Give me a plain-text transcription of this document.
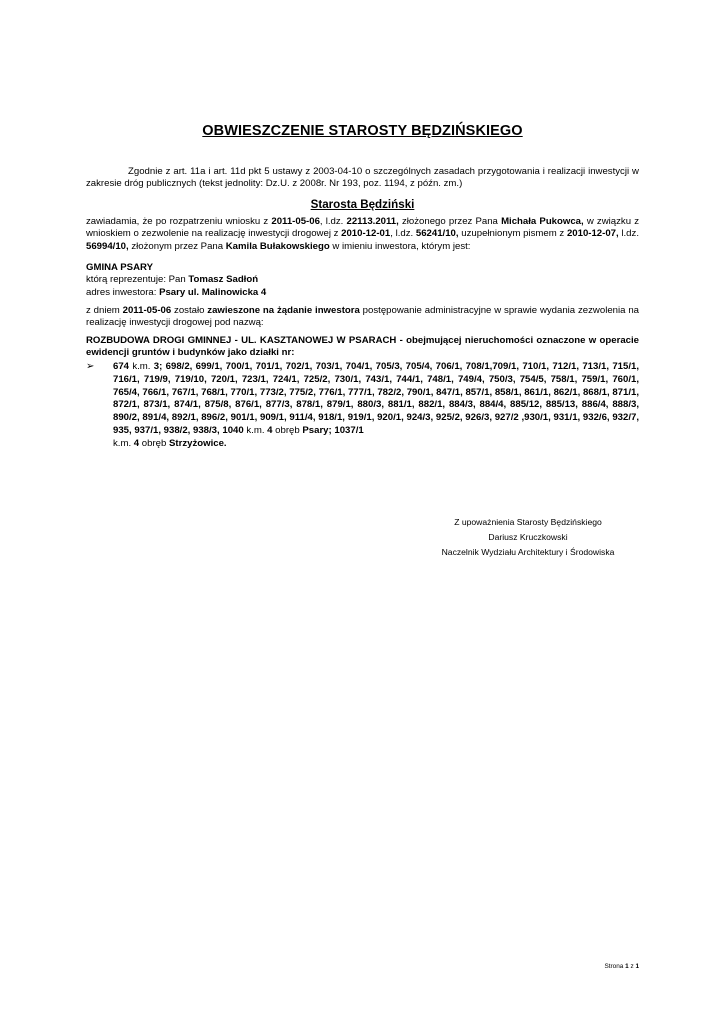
OBWIESZCZENIE STAROSTY BĘDZIŃSKIEGO
Zgodnie z art. 11a i art. 11d pkt 5 ustawy z 2003-04-10 o szczególnych zasadach przygotowania i realizacji inwestycji w zakresie dróg publicznych (tekst jednolity: Dz.U. z 2008r. Nr 193, poz. 1194, z późn. zm.)
Starosta Będziński
zawiadamia, że po rozpatrzeniu wniosku z 2011-05-06, l.dz. 22113.2011, złożonego przez Pana Michała Pukowca, w związku z wnioskiem o zezwolenie na realizację inwestycji drogowej z 2010-12-01, l.dz. 56241/10, uzupełnionym pismem z 2010-12-07, l.dz. 56994/10, złożonym przez Pana Kamila Bułakowskiego w imieniu inwestora, którym jest:

GMINA PSARY

którą reprezentuje: Pan Tomasz Sadłoń

adres inwestora: Psary ul. Malinowicka 4

z dniem 2011-05-06 zostało zawieszone na żądanie inwestora postępowanie administracyjne w sprawie wydania zezwolenia na realizację inwestycji drogowej pod nazwą:
ROZBUDOWA DROGI GMINNEJ - UL. KASZTANOWEJ W PSARACH - obejmującej nieruchomości oznaczone w operacie ewidencji gruntów i budynków jako działki nr:
➢	674 k.m. 3; 698/2, 699/1, 700/1, 701/1, 702/1, 703/1, 704/1, 705/3, 705/4, 706/1, 708/1,709/1, 710/1, 712/1, 713/1, 715/1, 716/1, 719/9, 719/10, 720/1, 723/1, 724/1, 725/2, 730/1, 743/1, 744/1, 748/1, 749/4, 750/3, 754/5, 758/1, 759/1, 760/1, 765/4, 766/1, 767/1, 768/1, 770/1, 773/2, 775/2, 776/1, 777/1, 782/2, 790/1, 847/1, 857/1, 858/1, 861/1, 862/1, 868/1, 871/1, 872/1, 873/1, 874/1, 875/8, 876/1, 877/3, 878/1, 879/1, 880/3, 881/1, 882/1, 884/3, 884/4, 885/12, 885/13, 886/4, 888/3, 890/2, 891/4, 892/1, 896/2, 901/1, 909/1, 911/4, 918/1, 919/1, 920/1, 924/3, 925/2, 926/3, 927/2 ,930/1, 931/1, 932/6, 932/7, 935, 937/1, 938/2, 938/3, 1040 k.m. 4 obręb Psary; 1037/1
k.m. 4 obręb Strzyżowice.

Z upoważnienia Starosty Będzińskiego

Dariusz Kruczkowski

Naczelnik Wydziału Architektury i Środowiska

Strona 1 z 1
